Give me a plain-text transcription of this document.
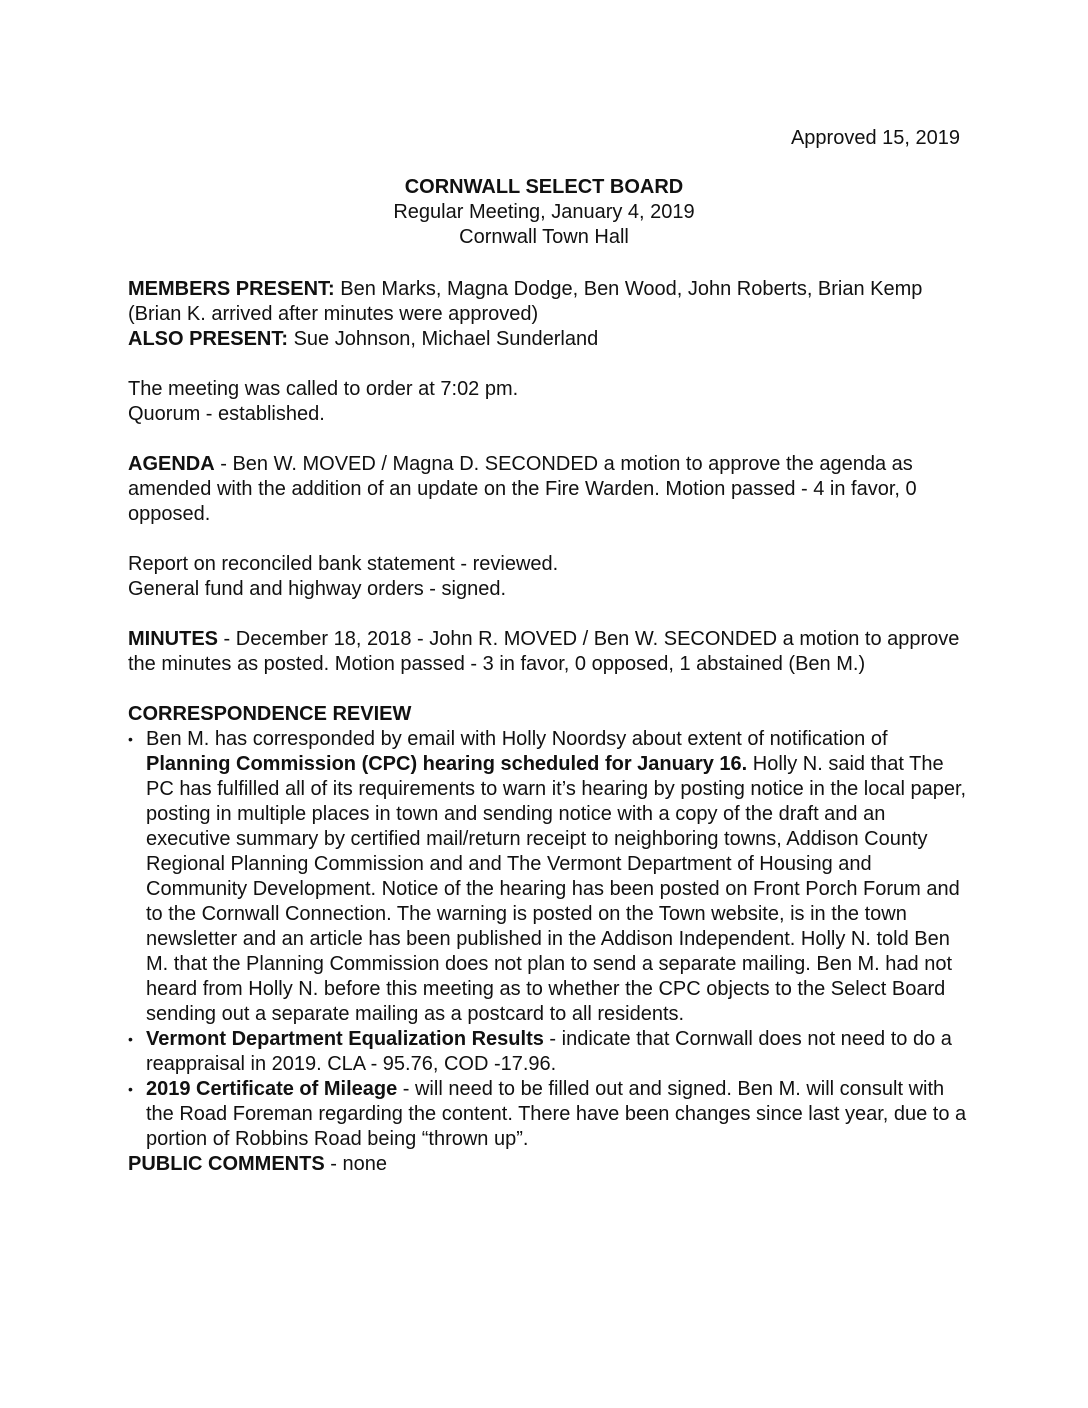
Approved 15, 2019
CORNWALL SELECT BOARD
Regular Meeting, January 4, 2019
Cornwall Town Hall

MEMBERS PRESENT: Ben Marks, Magna Dodge, Ben Wood, John Roberts, Brian Kemp (Brian K. arrived after minutes were approved)
ALSO PRESENT: Sue Johnson, Michael Sunderland

The meeting was called to order at 7:02 pm.
Quorum - established.

AGENDA - Ben W. MOVED / Magna D. SECONDED a motion to approve the agenda as amended with the addition of an update on the Fire Warden. Motion passed - 4 in favor, 0 opposed.

Report on reconciled bank statement - reviewed.
General fund and highway orders - signed.

MINUTES - December 18, 2018 - John R. MOVED / Ben W. SECONDED a motion to approve the minutes as posted. Motion passed - 3 in favor, 0 opposed, 1 abstained (Ben M.)

CORRESPONDENCE REVIEW
• Ben M. has corresponded by email with Holly Noordsy about extent of notification of Planning Commission (CPC) hearing scheduled for January 16. Holly N. said that The PC has fulfilled all of its requirements to warn it’s hearing by posting notice in the local paper, posting in multiple places in town and sending notice with a copy of the draft and an executive summary by certified mail/return receipt to neighboring towns, Addison County Regional Planning Commission and and The Vermont Department of Housing and Community Development. Notice of the hearing has been posted on Front Porch Forum and to the Cornwall Connection. The warning is posted on the Town website, is in the town newsletter and an article has been published in the Addison Independent. Holly N. told Ben M. that the Planning Commission does not plan to send a separate mailing. Ben M. had not heard from Holly N. before this meeting as to whether the CPC objects to the Select Board sending out a separate mailing as a postcard to all residents.
• Vermont Department Equalization Results - indicate that Cornwall does not need to do a reappraisal in 2019. CLA - 95.76, COD -17.96.
• 2019 Certificate of Mileage - will need to be filled out and signed. Ben M. will consult with the Road Foreman regarding the content. There have been changes since last year, due to a portion of Robbins Road being “thrown up”.

PUBLIC COMMENTS - none
